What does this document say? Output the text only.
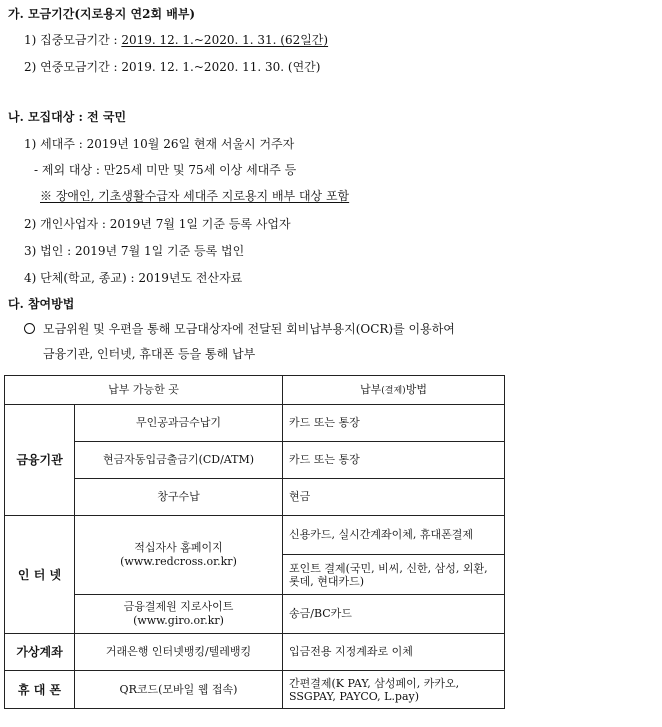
가. 모금기간(지로용지 연2회 배부)
1) 집중모금기간 : 2019. 12. 1.~2020. 1. 31. (62일간)
2) 연중모금기간 : 2019. 12. 1.~2020. 11. 30. (연간)
나. 모집대상 : 전 국민
1) 세대주 : 2019년 10월 26일 현재 서울시 거주자
- 제외 대상 : 만25세 미만 및 75세 이상 세대주 등
※ 장애인, 기초생활수급자 세대주 지로용지 배부 대상 포함
2) 개인사업자 : 2019년 7월 1일 기준 등록 사업자
3) 법인 : 2019년 7월 1일 기준 등록 법인
4) 단체(학교, 종교) : 2019년도 전산자료
다. 참여방법
모금위원 및 우편을 통해 모금대상자에 전달된 회비납부용지(OCR)를 이용하여
금융기관, 인터넷, 휴대폰 등을 통해 납부
납부 가능한 곳		납부(결제)방법
금융기관	무인공과금수납기	카드 또는 통장
	현금자동입금출금기(CD/ATM)	카드 또는 통장
	창구수납	현금
인 터 넷	적십자사 홈페이지
(www.redcross.or.kr)	신용카드, 실시간계좌이체, 휴대폰결제
		포인트 결제(국민, 비씨, 신한, 삼성, 외환, 롯데, 현대카드)

	금융결제원 지로사이트
(www.giro.or.kr)	송금/BC카드
가상계좌	거래은행 인터넷뱅킹/텔레뱅킹	입금전용 지정계좌로 이체
휴 대 폰	QR코드(모바일 웹 접속)	간편결제(K PAY, 삼성페이, 카카오, SSGPAY, PAYCO, L.pay)
